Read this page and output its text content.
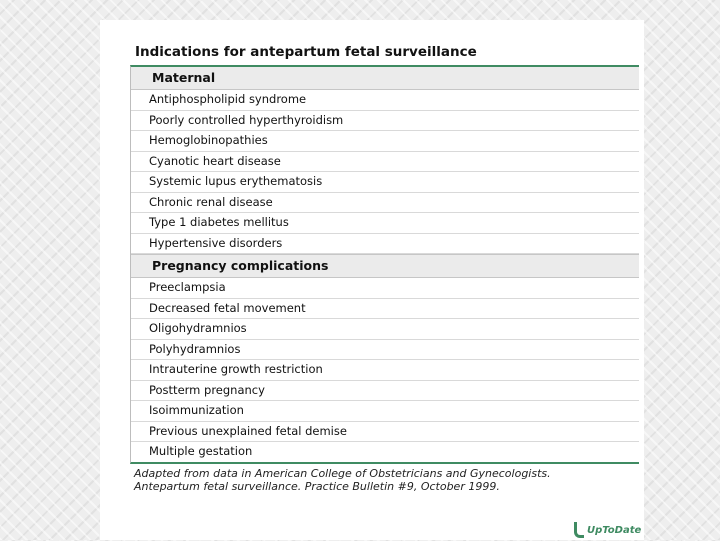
Indications for antepartum fetal surveillance
Maternal
Antiphospholipid syndrome
Poorly controlled hyperthyroidism
Hemoglobinopathies
Cyanotic heart disease
Systemic lupus erythematosis
Chronic renal disease
Type 1 diabetes mellitus
Hypertensive disorders
Pregnancy complications
Preeclampsia
Decreased fetal movement
Oligohydramnios
Polyhydramnios
Intrauterine growth restriction
Postterm pregnancy
Isoimmunization
Previous unexplained fetal demise
Multiple gestation
Adapted from data in American College of Obstetricians and Gynecologists. Antepartum fetal surveillance. Practice Bulletin #9, October 1999.
UpToDate
